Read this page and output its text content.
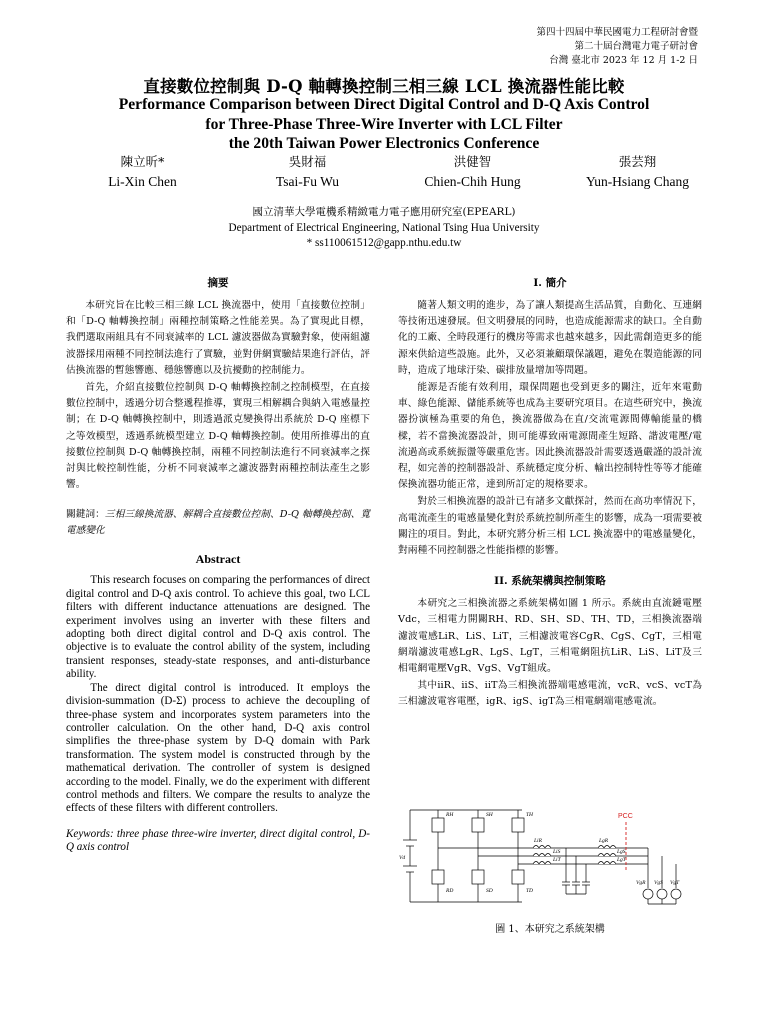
第四十四屆中華民國電力工程研討會暨
第二十屆台灣電力電子研討會
台灣 臺北市 2023 年 12 月 1-2 日
直接數位控制與 D-Q 軸轉換控制三相三線 LCL 換流器性能比較
Performance Comparison between Direct Digital Control and D-Q Axis Control
for Three-Phase Three-Wire Inverter with LCL Filter
the 20th Taiwan Power Electronics Conference
陳立昕*
Li-Xin Chen
吳財福
Tsai-Fu Wu
洪健智
Chien-Chih Hung
張芸翔
Yun-Hsiang Chang
國立清華大學電機系精緻電力電子應用研究室(EPEARL)
Department of Electrical Engineering, National Tsing Hua University
* ss110061512@gapp.nthu.edu.tw
摘要

本研究旨在比較三相三線 LCL 換流器中，使用「直接數位控制」和「D-Q 軸轉換控制」兩種控制策略之性能差異。為了實現此目標，我們選取兩組具有不同衰減率的 LCL 濾波器做為實驗對象，使兩組濾波器採用兩種不同控制法進行了實驗，並對併網實驗結果進行評估，評估換流器的暫態響應、穩態響應以及抗擾動的控制能力。

首先，介紹直接數位控制與 D-Q 軸轉換控制之控制模型，在直接數位控制中，透過分切合整遞程推導，實現三相解耦合與納入電感量控制；在 D-Q 軸轉換控制中，則透過派克變換得出系統於 D-Q 座標下之等效模型，透過系統模型建立 D-Q 軸轉換控制。使用所推導出的直接數位控制與 D-Q 軸轉換控制，兩種不同控制法進行不同衰減率之探討與比較控制性能，分析不同衰減率之濾波器對兩種控制法產生之影響。

關鍵詞：三相三線換流器、解耦合直接數位控制、D-Q 軸轉換控制、寬電感變化
Abstract

This research focuses on comparing the performances of direct digital control and D-Q axis control. To achieve this goal, two LCL filters with different inductance attenuations are designed. The experiment involves using an inverter with these filters and adopting both direct digital control and D-Q axis control. The objective is to evaluate the control ability of the system, including transient responses, steady-state responses, and anti-disturbance ability.

The direct digital control is introduced. It employs the division-summation (D-Σ) process to achieve the decoupling of three-phase system and incorporates system parameters into the controller calculation. On the other hand, D-Q axis control simplifies the three-phase system by D-Q domain with Park transformation. The system model is constructed through by the mathematical derivation. The controller of system is designed according to the model. Finally, we do the experiment with different control methods and filters. We compare the results to analyze the effects of these filters with different controllers.

Keywords: three phase three-wire inverter, direct digital control, D-Q axis control
I. 簡介

隨著人類文明的進步，為了讓人類提高生活品質，自動化、互連網等技術迅速發展。但文明發展的同時，也造成能源需求的缺口。全自動化的工廠、全時段運行的機房等需求也越來越多，因此需創造更多的能源來供給這些設施。此外，又必須兼顧環保議題，避免在製造能源的同時，造成了地球汙染、碳排放量增加等問題。

能源是否能有效利用，環保問題也受到更多的關注，近年來電動車、綠色能源、儲能系統等也成為主要研究項目。在這些研究中，換流器扮演極為重要的角色，換流器做為在直/交流電源間傳輸能量的橋樑，若不當換流器設計，則可能導致兩電源間產生短路、諧波電壓/電流過高或系統振盪等嚴重危害。因此換流器設計需要透過嚴謹的設計流程，如完善的控制器設計、系統穩定度分析、輸出控制特性等等才能確保換流器功能正常，達到所訂定的規格要求。

對於三相換流器的設計已有諸多文獻探討，然而在高功率情況下，高電流產生的電感量變化對於系統控制所產生的影響，成為一項需要被關注的項目。對此，本研究將分析三相 LCL 換流器中的電感量變化，對兩種不同控制器之性能指標的影響。

II. 系統架構與控制策略

本研究之三相換流器之系統架構如圖 1 所示。系統由直流鏈電壓Vdc，三相電力開關RH、RD、SH、SD、TH、TD，三相換流器端濾波電感LiR、LiS、LiT，三相濾波電容CgR、CgS、CgT，三相電網端濾波電感LgR、LgS、LgT，三相電網阻抗LiR、LiS、LiT及三相電網電壓VgR、VgS、VgT組成。

其中iiR、iiS、iiT為三相換流器端電感電流，vcR、vcS、vcT為三相濾波電容電壓，igR、igS、igT為三相電網端電感電流。

PCC
Vd
RH	SH	TH
RD	SD	TD
LiR
LiS
LiT
LgR
LgS
LgT
VgR VgS VgT
圖 1、本研究之系統架構
